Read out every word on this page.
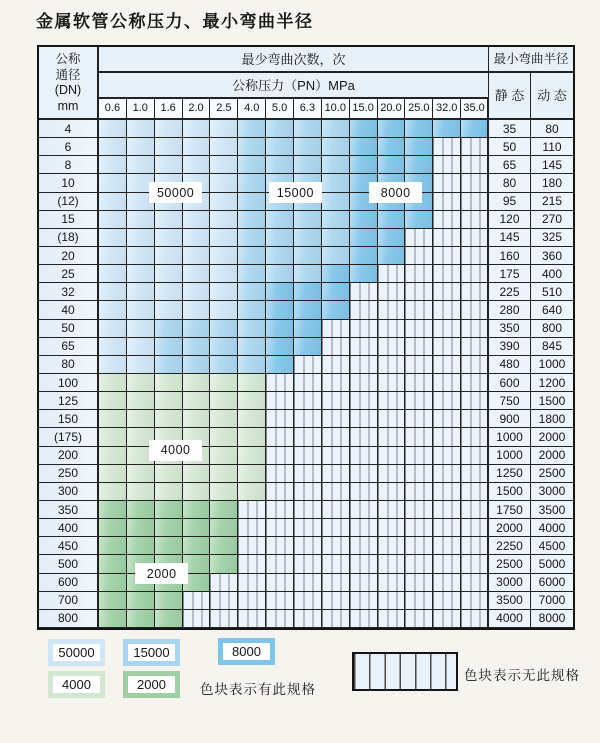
金属软管公称压力、最小弯曲半径
公称
通径
(DN)
mm
最少弯曲次数，次	最小弯曲半径
公称压力（PN）MPa
静 态 动 态
0.6	1.0	1.6	2.0	2.5	4.0	5.0	6.3 10.0 15.0 20.0 25.0 32.0 35.0
4	35	80
6	50	110
8	65	145
10	80	180
(12)	95	215
15	120	270
(18)	145	325
20	160	360
25	175	400
32	225	510
40	280	640
50	350	800
65	390	845
80	480	1000
100	600	1200
125	750	1500
150	900	1800
(175)	1000	2000
200	1000	2000
250	1250	2500
300	1500	3000
350	1750	3500
400	2000	4000
450	2250	4500
500	2500	5000
600	3000	6000
700	3500	7000
800	4000	8000
50000	15000	8000
4000	2000	色块表示有此规格
色块表示无此规格
50000	15000	8000
4000
2000
